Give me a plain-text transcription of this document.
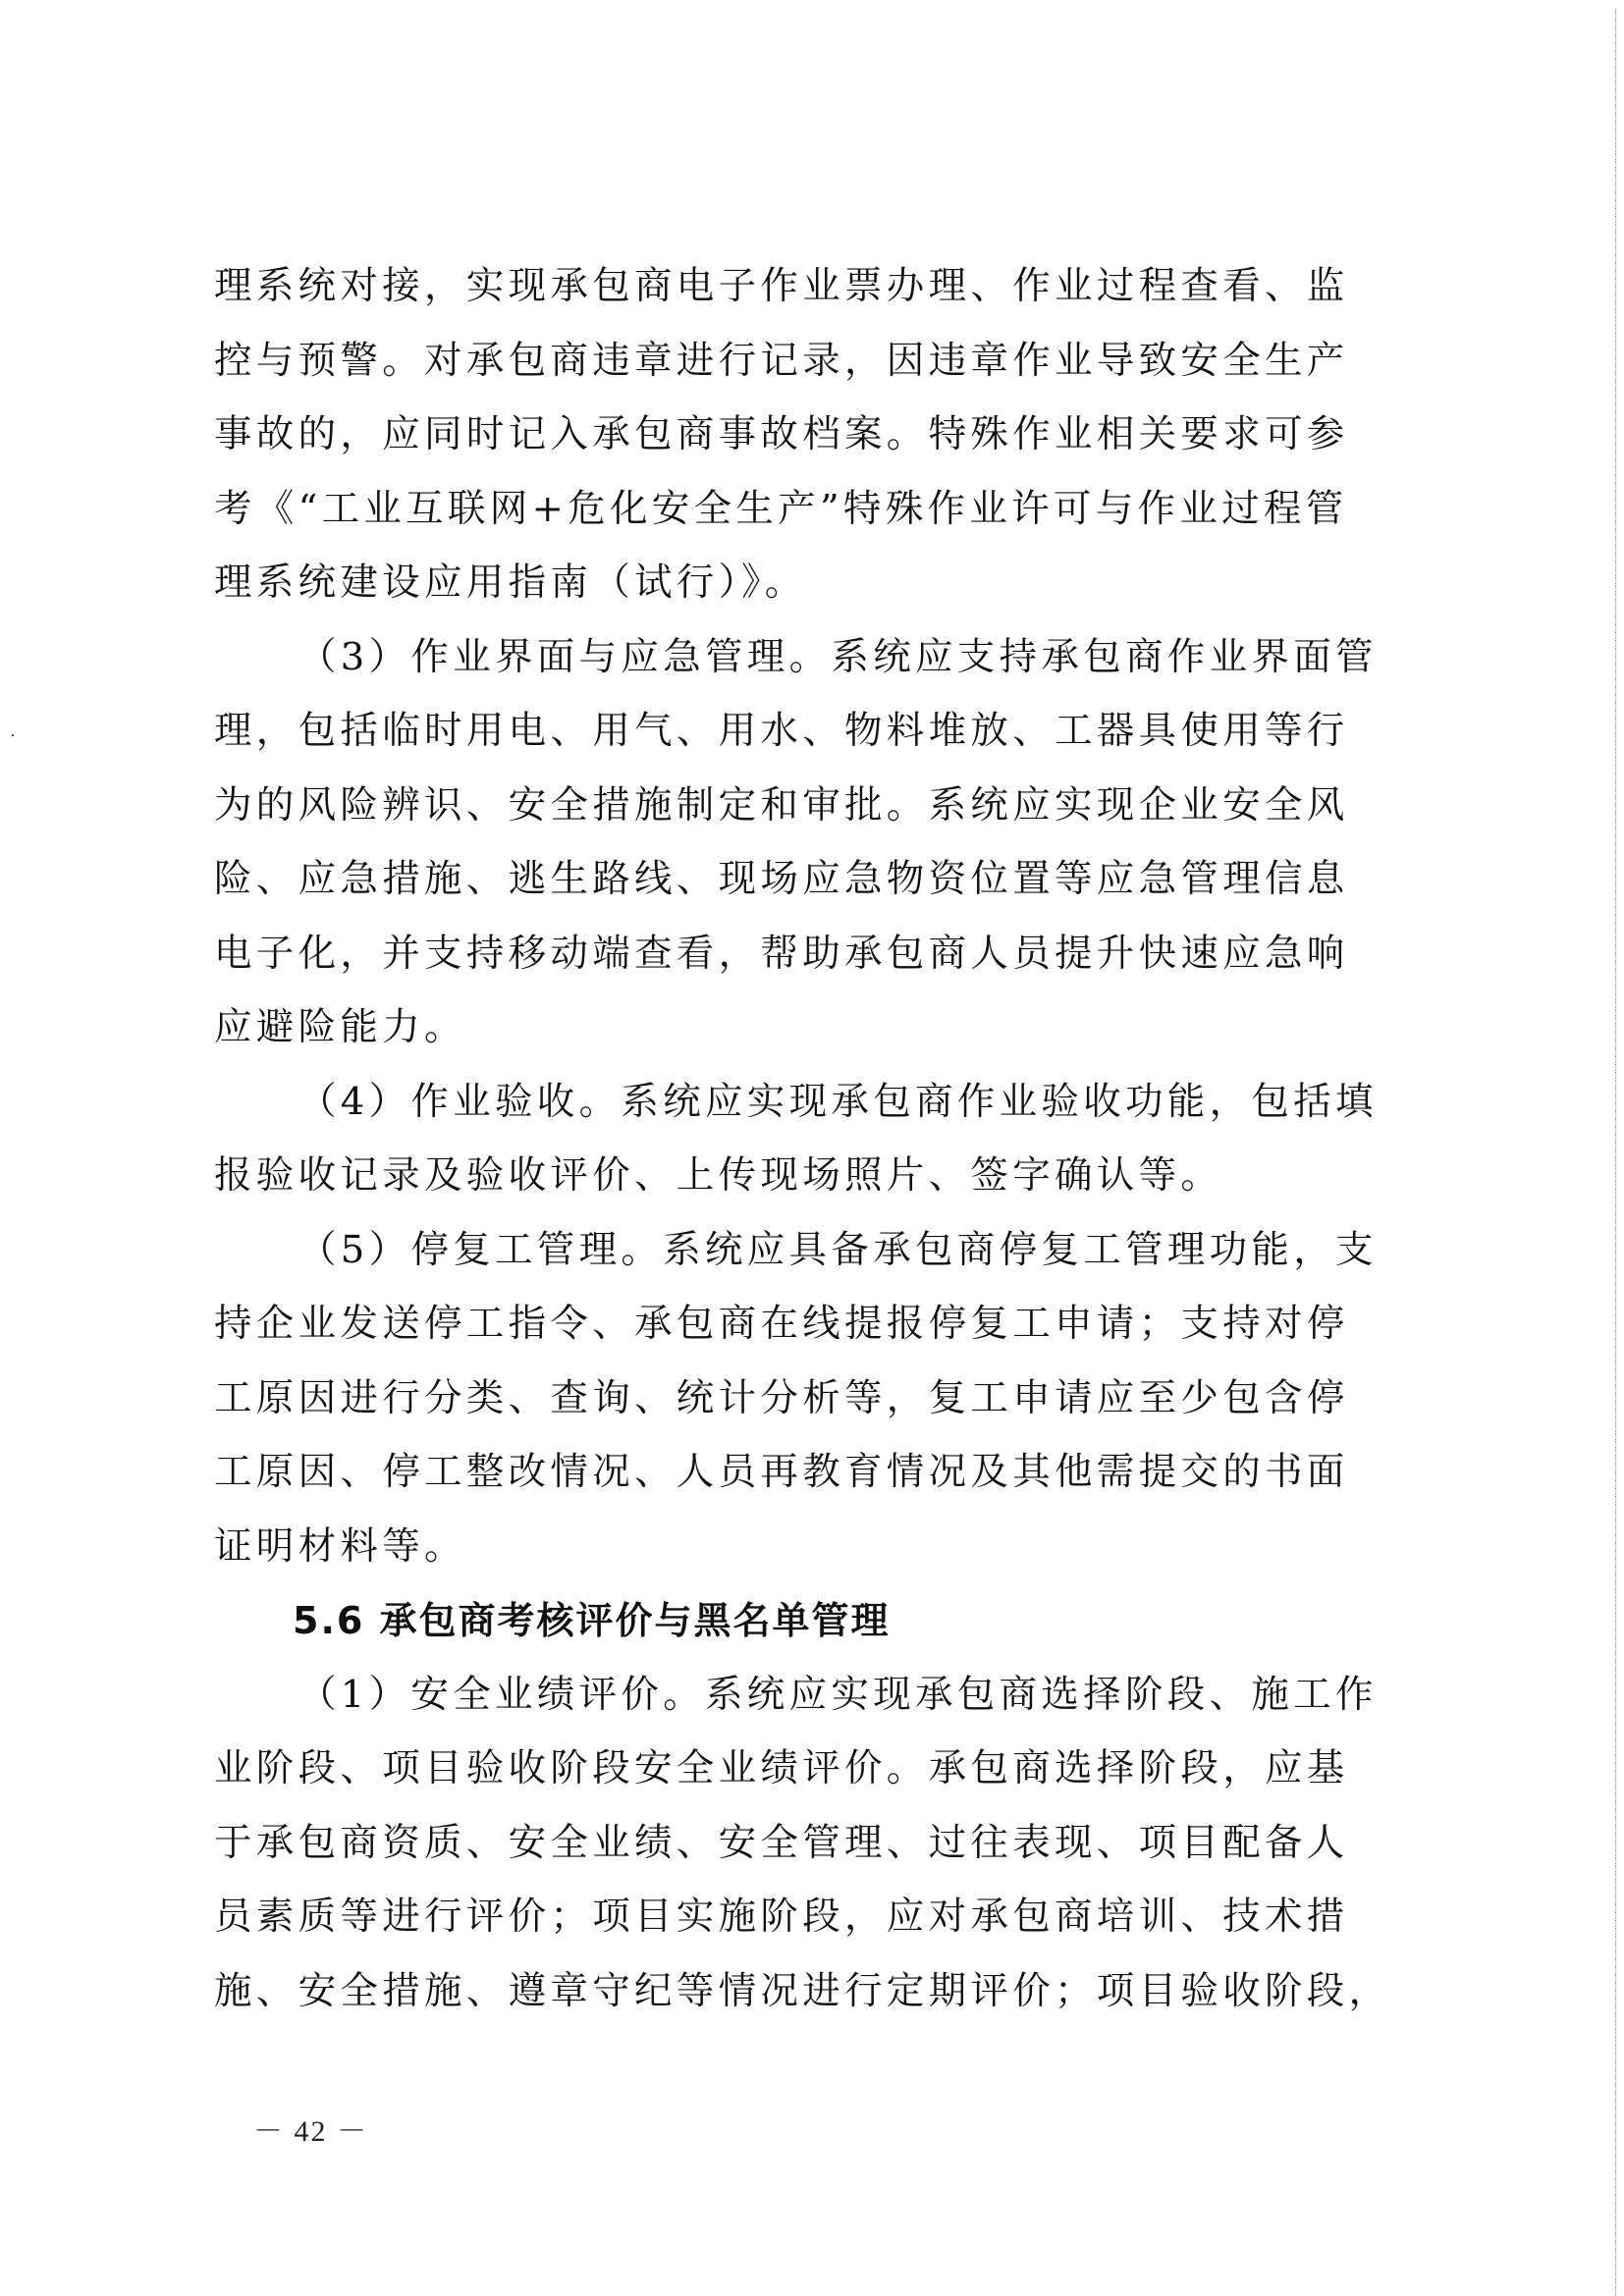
理系统对接，实现承包商电子作业票办理、作业过程查看、监
控与预警。对承包商违章进行记录，因违章作业导致安全生产
事故的，应同时记入承包商事故档案。特殊作业相关要求可参
考《“工业互联网+危化安全生产”特殊作业许可与作业过程管
理系统建设应用指南（试行）》。
（3）作业界面与应急管理。系统应支持承包商作业界面管
理，包括临时用电、用气、用水、物料堆放、工器具使用等行
为的风险辨识、安全措施制定和审批。系统应实现企业安全风
险、应急措施、逃生路线、现场应急物资位置等应急管理信息
电子化，并支持移动端查看，帮助承包商人员提升快速应急响
应避险能力。
（4）作业验收。系统应实现承包商作业验收功能，包括填
报验收记录及验收评价、上传现场照片、签字确认等。
（5）停复工管理。系统应具备承包商停复工管理功能，支
持企业发送停工指令、承包商在线提报停复工申请；支持对停
工原因进行分类、查询、统计分析等，复工申请应至少包含停
工原因、停工整改情况、人员再教育情况及其他需提交的书面
证明材料等。
5.6 承包商考核评价与黑名单管理
（1）安全业绩评价。系统应实现承包商选择阶段、施工作
业阶段、项目验收阶段安全业绩评价。承包商选择阶段，应基
于承包商资质、安全业绩、安全管理、过往表现、项目配备人
员素质等进行评价；项目实施阶段，应对承包商培训、技术措
施、安全措施、遵章守纪等情况进行定期评价；项目验收阶段，
－ 42 －
